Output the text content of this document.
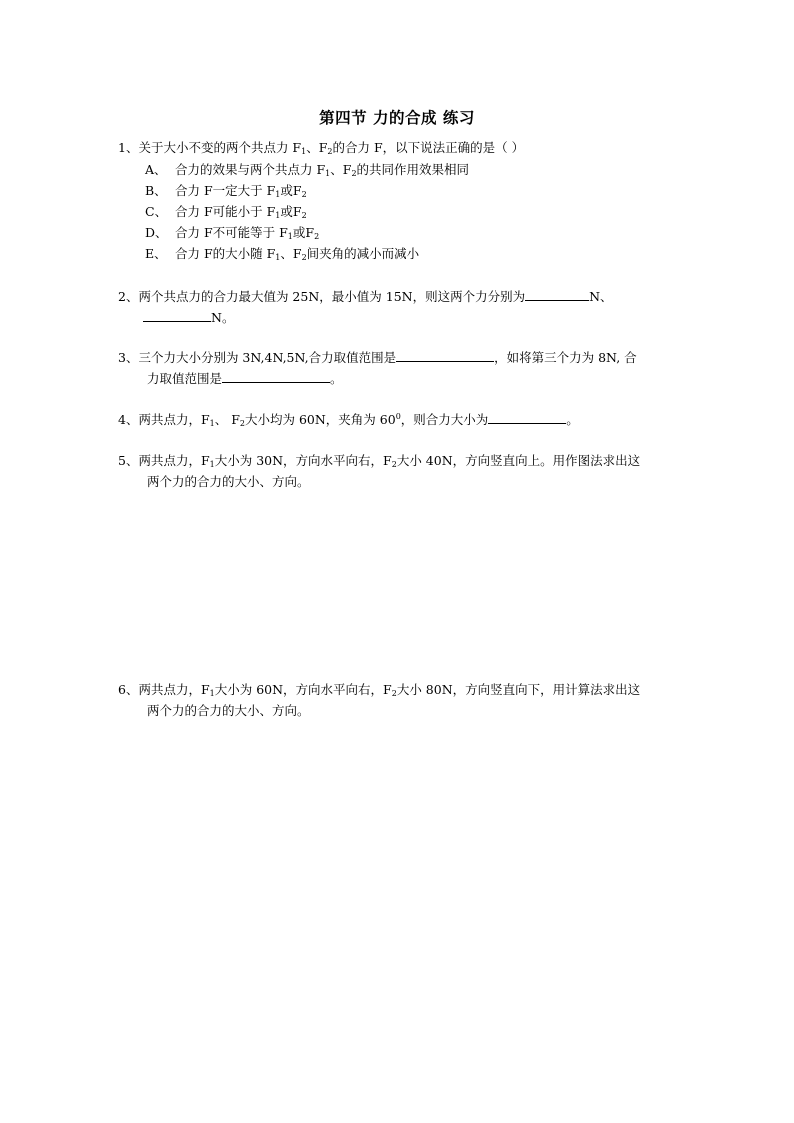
第四节 力的合成 练习
1、关于大小不变的两个共点力 $F_1$、$F_2$的合力 F，以下说法正确的是（ ）
A、 合力的效果与两个共点力 $F_1$、$F_2$的共同作用效果相同
B、 合力 F一定大于 $F_1$或$F_2$
C、 合力 F可能小于 $F_1$或$F_2$
D、 合力 F不可能等于 $F_1$或$F_2$
E、 合力 F的大小随 $F_1$、$F_2$间夹角的减小而减小
2、两个共点力的合力最大值为 25N，最小值为 15N，则这两个力分别为	N、
N。
3、三个力大小分别为 3N,4N,5N,合力取值范围是	，如将第三个力为 8N, 合
力取值范围是	。
4、两共点力，$F_1$、 $F_2$大小均为 60N，夹角为 $60^0$，则合力大小为	。
5、两共点力，$F_1$大小为 30N，方向水平向右，$F_2$大小 40N，方向竖直向上。用作图法求出这
两个力的合力的大小、方向。
6、两共点力，$F_1$大小为 60N，方向水平向右，$F_2$大小 80N，方向竖直向下，用计算法求出这
两个力的合力的大小、方向。
